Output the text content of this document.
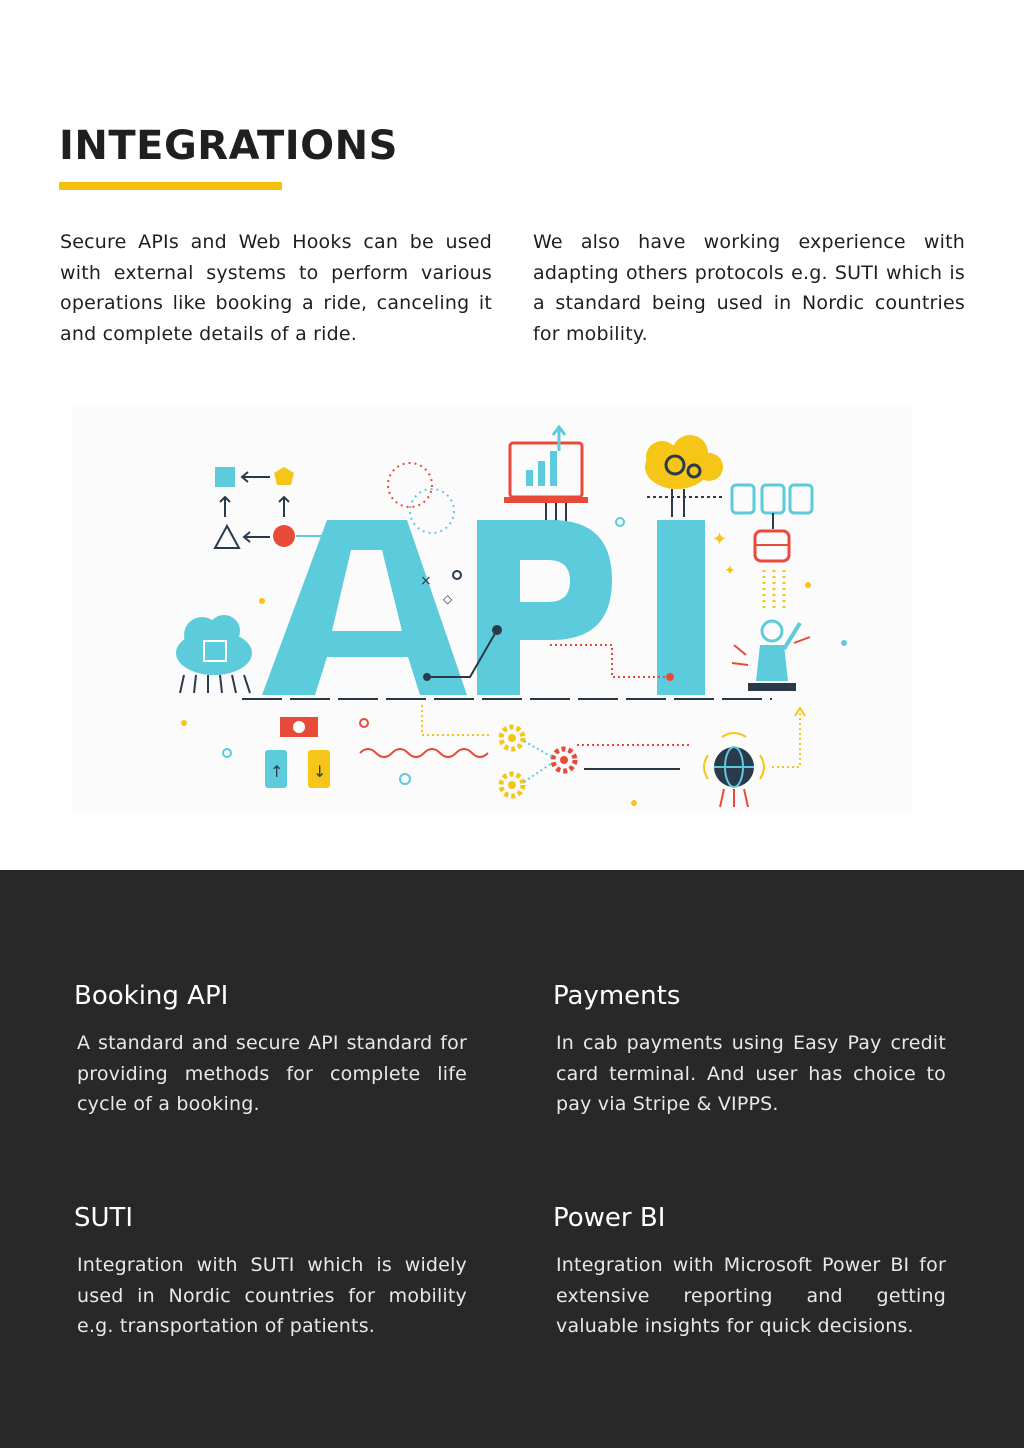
INTEGRATIONS

Secure APIs and Web Hooks can be used with external systems to perform various operations like booking a ride, canceling it and complete details of a ride.

We also have working experience with adapting others protocols e.g. SUTI which is a standard being used in Nordic countries for mobility.

✦
✦
×
◇
↑ ↓
Booking API

A standard and secure API standard for providing methods for complete life cycle of a booking.

Payments

In cab payments using Easy Pay credit card terminal. And user has choice to pay via Stripe & VIPPS.

SUTI

Integration with SUTI which is widely used in Nordic countries for mobility e.g. transportation of patients.

Power BI

Integration with Microsoft Power BI for extensive reporting and getting valuable insights for quick decisions.
